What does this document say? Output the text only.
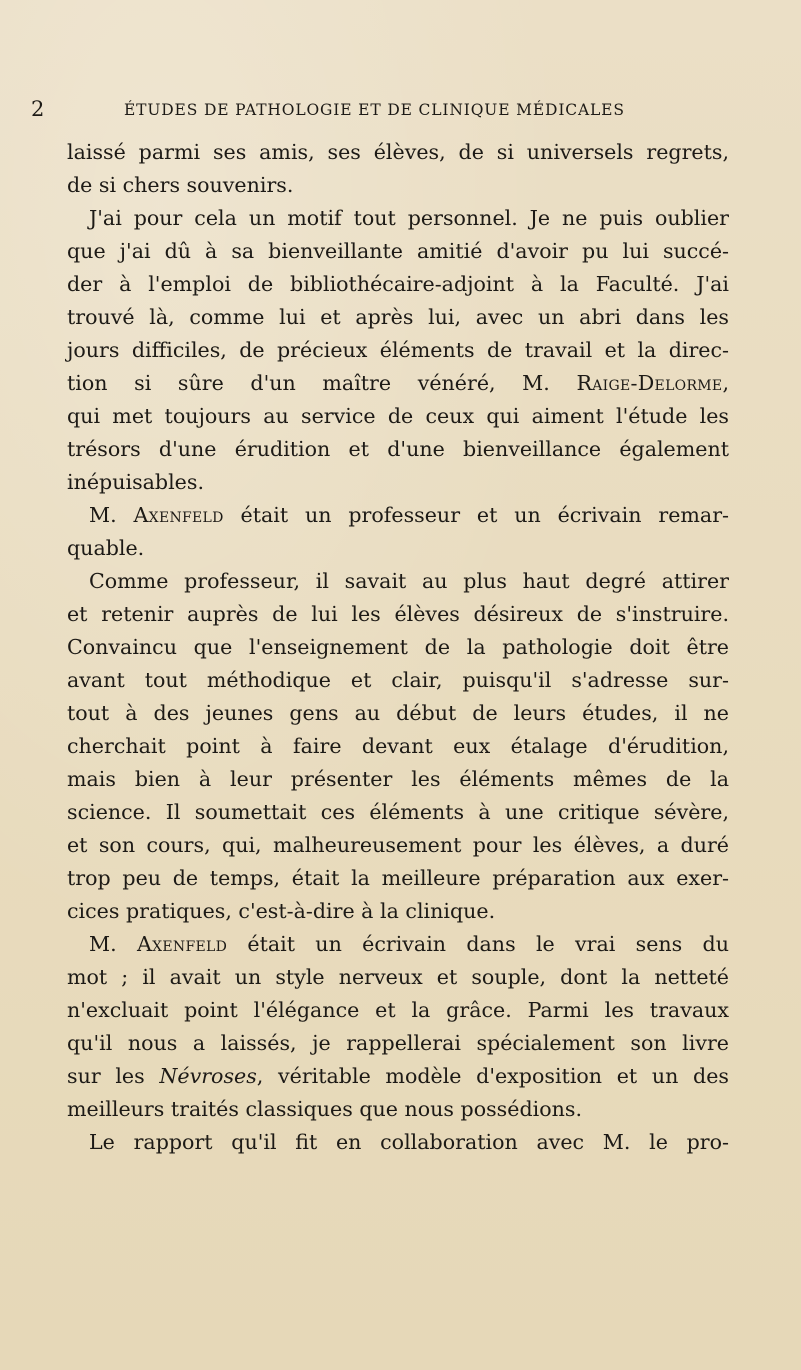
2	ÉTUDES DE PATHOLOGIE ET DE CLINIQUE MÉDICALES
laissé parmi ses amis, ses élèves, de si universels regrets,
de si chers souvenirs.
J'ai pour cela un motif tout personnel. Je ne puis oublier
que j'ai dû à sa bienveillante amitié d'avoir pu lui succé-
der à l'emploi de bibliothécaire-adjoint à la Faculté. J'ai
trouvé là, comme lui et après lui, avec un abri dans les
jours difficiles, de précieux éléments de travail et la direc-
tion si sûre d'un maître vénéré, M. Raige-Delorme,
qui met toujours au service de ceux qui aiment l'étude les
trésors d'une érudition et d'une bienveillance également
inépuisables.
M. Axenfeld était un professeur et un écrivain remar-
quable.
Comme professeur, il savait au plus haut degré attirer
et retenir auprès de lui les élèves désireux de s'instruire.
Convaincu que l'enseignement de la pathologie doit être
avant tout méthodique et clair, puisqu'il s'adresse sur-
tout à des jeunes gens au début de leurs études, il ne
cherchait point à faire devant eux étalage d'érudition,
mais bien à leur présenter les éléments mêmes de la
science. Il soumettait ces éléments à une critique sévère,
et son cours, qui, malheureusement pour les élèves, a duré
trop peu de temps, était la meilleure préparation aux exer-
cices pratiques, c'est-à-dire à la clinique.
M. Axenfeld était un écrivain dans le vrai sens du
mot ; il avait un style nerveux et souple, dont la netteté
n'excluait point l'élégance et la grâce. Parmi les travaux
qu'il nous a laissés, je rappellerai spécialement son livre
sur les Névroses, véritable modèle d'exposition et un des
meilleurs traités classiques que nous possédions.
Le rapport qu'il fit en collaboration avec M. le pro-
